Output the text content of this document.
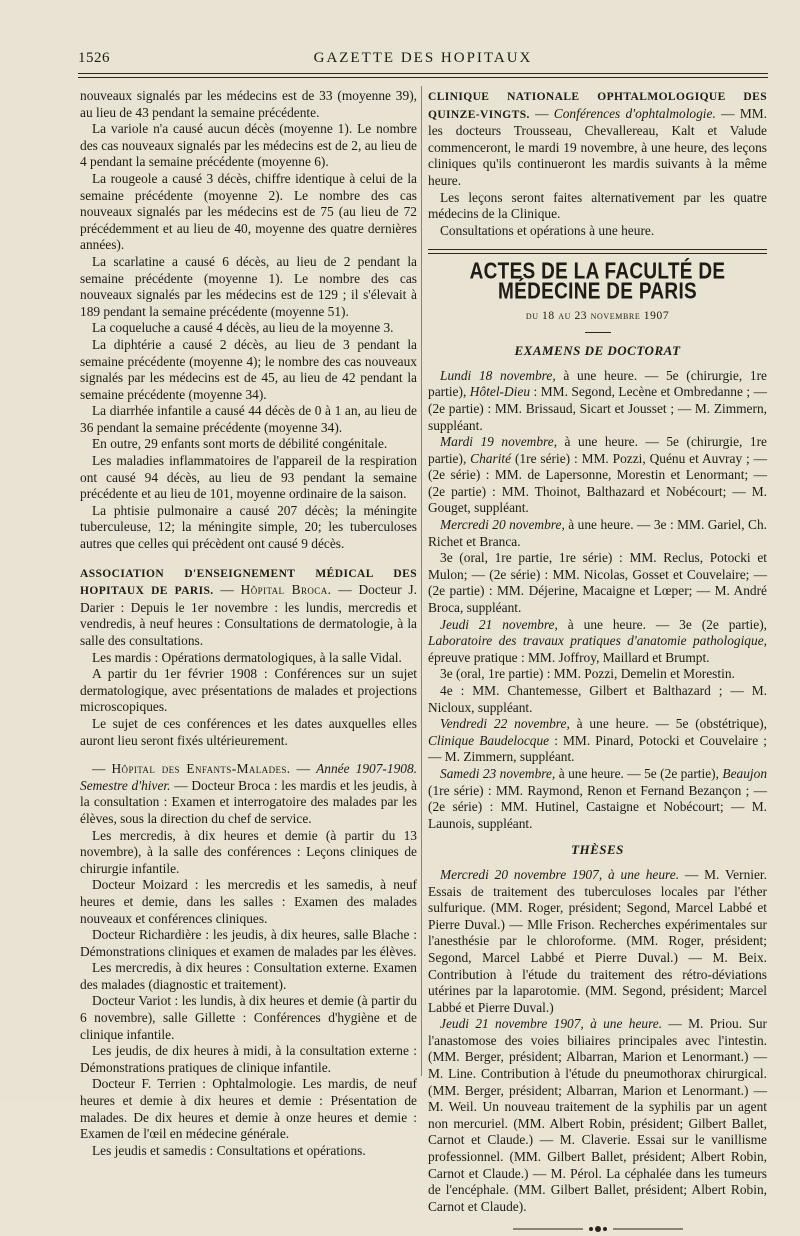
1526	GAZETTE DES HOPITAUX

nouveaux signalés par les médecins est de 33 (moyenne 39), au lieu de 43 pendant la semaine précédente.

La variole n'a causé aucun décès (moyenne 1). Le nombre des cas nouveaux signalés par les médecins est de 2, au lieu de 4 pendant la semaine précédente (moyenne 6).

La rougeole a causé 3 décès, chiffre identique à celui de la semaine précédente (moyenne 2). Le nombre des cas nouveaux signalés par les médecins est de 75 (au lieu de 72 précédemment et au lieu de 40, moyenne des quatre dernières années).

La scarlatine a causé 6 décès, au lieu de 2 pendant la semaine précédente (moyenne 1). Le nombre des cas nouveaux signalés par les médecins est de 129 ; il s'élevait à 189 pendant la semaine précédente (moyenne 51).

La coqueluche a causé 4 décès, au lieu de la moyenne 3.

La diphtérie a causé 2 décès, au lieu de 3 pendant la semaine précédente (moyenne 4); le nombre des cas nouveaux signalés par les médecins est de 45, au lieu de 42 pendant la semaine précédente (moyenne 34).

La diarrhée infantile a causé 44 décès de 0 à 1 an, au lieu de 36 pendant la semaine précédente (moyenne 34).

En outre, 29 enfants sont morts de débilité congénitale.

Les maladies inflammatoires de l'appareil de la respiration ont causé 94 décès, au lieu de 93 pendant la semaine précédente et au lieu de 101, moyenne ordinaire de la saison.

La phtisie pulmonaire a causé 207 décès; la méningite tuberculeuse, 12; la méningite simple, 20; les tuberculoses autres que celles qui précèdent ont causé 9 décès.

ASSOCIATION D'ENSEIGNEMENT MÉDICAL DES HOPITAUX DE PARIS. — Hôpital Broca. — Docteur J. Darier : Depuis le 1er novembre : les lundis, mercredis et vendredis, à neuf heures : Consultations de dermatologie, à la salle des consultations.

Les mardis : Opérations dermatologiques, à la salle Vidal.

A partir du 1er février 1908 : Conférences sur un sujet dermatologique, avec présentations de malades et projections microscopiques.

Le sujet de ces conférences et les dates auxquelles elles auront lieu seront fixés ultérieurement.

— Hôpital des Enfants-Malades. — Année 1907-1908. Semestre d'hiver. — Docteur Broca : les mardis et les jeudis, à la consultation : Examen et interrogatoire des malades par les élèves, sous la direction du chef de service.

Les mercredis, à dix heures et demie (à partir du 13 novembre), à la salle des conférences : Leçons cliniques de chirurgie infantile.

Docteur Moizard : les mercredis et les samedis, à neuf heures et demie, dans les salles : Examen des malades nouveaux et conférences cliniques.

Docteur Richardière : les jeudis, à dix heures, salle Blache : Démonstrations cliniques et examen de malades par les élèves.

Les mercredis, à dix heures : Consultation externe. Examen des malades (diagnostic et traitement).

Docteur Variot : les lundis, à dix heures et demie (à partir du 6 novembre), salle Gillette : Conférences d'hygiène et de clinique infantile.

Les jeudis, de dix heures à midi, à la consultation externe : Démonstrations pratiques de clinique infantile.

Docteur F. Terrien : Ophtalmologie. Les mardis, de neuf heures et demie à dix heures et demie : Présentation de malades. De dix heures et demie à onze heures et demie : Examen de l'œil en médecine générale.

Les jeudis et samedis : Consultations et opérations.

CLINIQUE NATIONALE OPHTALMOLOGIQUE DES QUINZE-VINGTS. — Conférences d'ophtalmologie. — MM. les docteurs Trousseau, Chevallereau, Kalt et Valude commenceront, le mardi 19 novembre, à une heure, des leçons cliniques qu'ils continueront les mardis suivants à la même heure.

Les leçons seront faites alternativement par les quatre médecins de la Clinique.

Consultations et opérations à une heure.

ACTES DE LA FACULTÉ DE MÉDECINE DE PARIS
du 18 au 23 novembre 1907
EXAMENS DE DOCTORAT

Lundi 18 novembre, à une heure. — 5e (chirurgie, 1re partie), Hôtel-Dieu : MM. Segond, Lecène et Ombredanne ; — (2e partie) : MM. Brissaud, Sicart et Jousset ; — M. Zimmern, suppléant.

Mardi 19 novembre, à une heure. — 5e (chirurgie, 1re partie), Charité (1re série) : MM. Pozzi, Quénu et Auvray ; — (2e série) : MM. de Lapersonne, Morestin et Lenormant; — (2e partie) : MM. Thoinot, Balthazard et Nobécourt; — M. Gouget, suppléant.

Mercredi 20 novembre, à une heure. — 3e : MM. Gariel, Ch. Richet et Branca.

3e (oral, 1re partie, 1re série) : MM. Reclus, Potocki et Mulon; — (2e série) : MM. Nicolas, Gosset et Couvelaire; — (2e partie) : MM. Déjerine, Macaigne et Lœper; — M. André Broca, suppléant.

Jeudi 21 novembre, à une heure. — 3e (2e partie), Laboratoire des travaux pratiques d'anatomie pathologique, épreuve pratique : MM. Joffroy, Maillard et Brumpt.

3e (oral, 1re partie) : MM. Pozzi, Demelin et Morestin.

4e : MM. Chantemesse, Gilbert et Balthazard ; — M. Nicloux, suppléant.

Vendredi 22 novembre, à une heure. — 5e (obstétrique), Clinique Baudelocque : MM. Pinard, Potocki et Couvelaire ; — M. Zimmern, suppléant.

Samedi 23 novembre, à une heure. — 5e (2e partie), Beaujon (1re série) : MM. Raymond, Renon et Fernand Bezançon ; — (2e série) : MM. Hutinel, Castaigne et Nobécourt; — M. Launois, suppléant.

THÈSES

Mercredi 20 novembre 1907, à une heure. — M. Vernier. Essais de traitement des tuberculoses locales par l'éther sulfurique. (MM. Roger, président; Segond, Marcel Labbé et Pierre Duval.) — Mlle Frison. Recherches expérimentales sur l'anesthésie par le chloroforme. (MM. Roger, président; Segond, Marcel Labbé et Pierre Duval.) — M. Beix. Contribution à l'étude du traitement des rétro-déviations utérines par la laparotomie. (MM. Segond, président; Marcel Labbé et Pierre Duval.)

Jeudi 21 novembre 1907, à une heure. — M. Priou. Sur l'anastomose des voies biliaires principales avec l'intestin. (MM. Berger, président; Albarran, Marion et Lenormant.) — M. Line. Contribution à l'étude du pneumothorax chirurgical. (MM. Berger, président; Albarran, Marion et Lenormant.) — M. Weil. Un nouveau traitement de la syphilis par un agent non mercuriel. (MM. Albert Robin, président; Gilbert Ballet, Carnot et Claude.) — M. Claverie. Essai sur le vanillisme professionnel. (MM. Gilbert Ballet, président; Albert Robin, Carnot et Claude.) — M. Pérol. La céphalée dans les tumeurs de l'encéphale. (MM. Gilbert Ballet, président; Albert Robin, Carnot et Claude).
